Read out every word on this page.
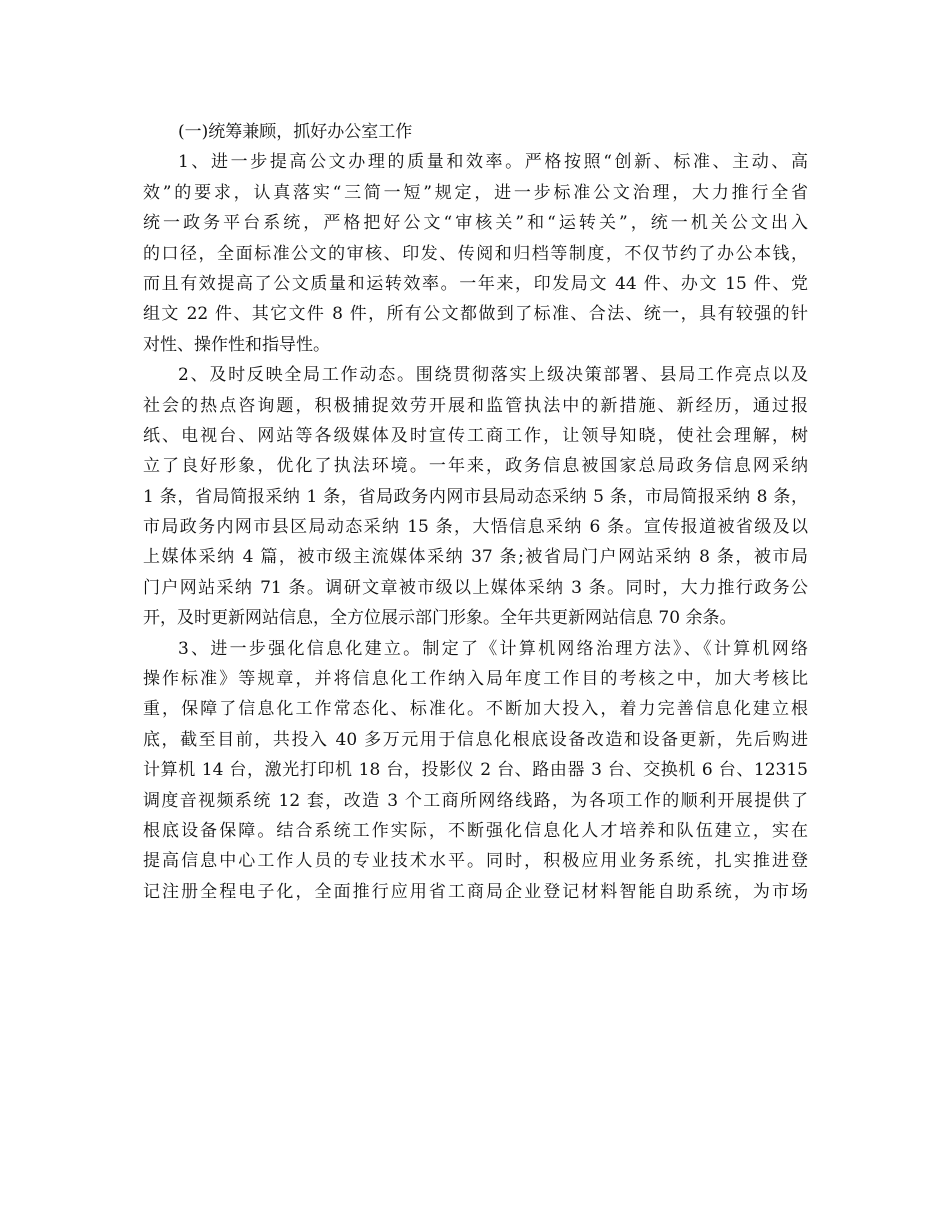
(一)统筹兼顾，抓好办公室工作
1、进一步提高公文办理的质量和效率。严格按照“创新、标准、主动、高
效”的要求，认真落实“三简一短”规定，进一步标准公文治理，大力推行全省
统一政务平台系统，严格把好公文“审核关”和“运转关”，统一机关公文出入
的口径，全面标准公文的审核、印发、传阅和归档等制度，不仅节约了办公本钱，
而且有效提高了公文质量和运转效率。一年来，印发局文 44 件、办文 15 件、党
组文 22 件、其它文件 8 件，所有公文都做到了标准、合法、统一，具有较强的针
对性、操作性和指导性。
2、及时反映全局工作动态。围绕贯彻落实上级决策部署、县局工作亮点以及
社会的热点咨询题，积极捕捉效劳开展和监管执法中的新措施、新经历，通过报
纸、电视台、网站等各级媒体及时宣传工商工作，让领导知晓，使社会理解，树
立了良好形象，优化了执法环境。一年来，政务信息被国家总局政务信息网采纳
1 条，省局简报采纳 1 条，省局政务内网市县局动态采纳 5 条，市局简报采纳 8 条，
市局政务内网市县区局动态采纳 15 条，大悟信息采纳 6 条。宣传报道被省级及以
上媒体采纳 4 篇，被市级主流媒体采纳 37 条;被省局门户网站采纳 8 条，被市局
门户网站采纳 71 条。调研文章被市级以上媒体采纳 3 条。同时，大力推行政务公
开，及时更新网站信息，全方位展示部门形象。全年共更新网站信息 70 余条。
3、进一步强化信息化建立。制定了《计算机网络治理方法》、《计算机网络
操作标准》等规章，并将信息化工作纳入局年度工作目的考核之中，加大考核比
重，保障了信息化工作常态化、标准化。不断加大投入，着力完善信息化建立根
底，截至目前，共投入 40 多万元用于信息化根底设备改造和设备更新，先后购进
计算机 14 台，激光打印机 18 台，投影仪 2 台、路由器 3 台、交换机 6 台、12315
调度音视频系统 12 套，改造 3 个工商所网络线路，为各项工作的顺利开展提供了
根底设备保障。结合系统工作实际，不断强化信息化人才培养和队伍建立，实在
提高信息中心工作人员的专业技术水平。同时，积极应用业务系统，扎实推进登
记注册全程电子化，全面推行应用省工商局企业登记材料智能自助系统，为市场
